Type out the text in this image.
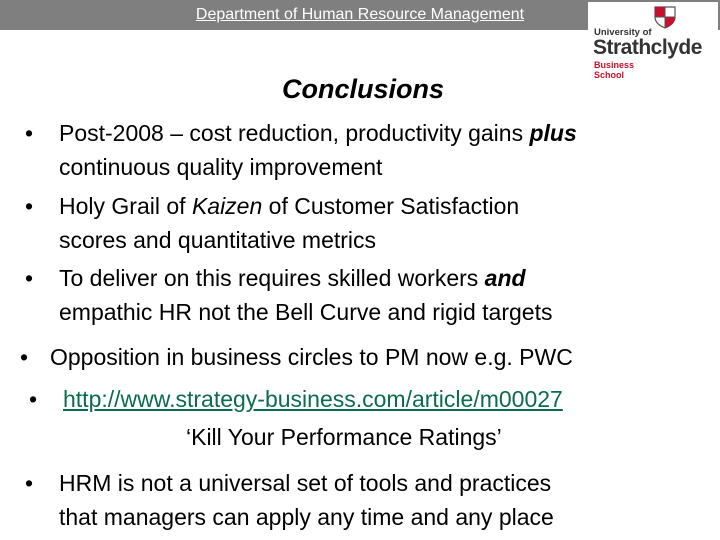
Department of Human Resource Management
University of
Strathclyde
Business
School
Conclusions
• Post-2008 – cost reduction, productivity gains plus
continuous quality improvement
• Holy Grail of Kaizen of Customer Satisfaction
scores and quantitative metrics
• To deliver on this requires skilled workers and
empathic HR not the Bell Curve and rigid targets
• Opposition in business circles to PM now e.g. PWC
• http://www.strategy-business.com/article/m00027
‘Kill Your Performance Ratings’
• HRM is not a universal set of tools and practices
that managers can apply any time and any place
